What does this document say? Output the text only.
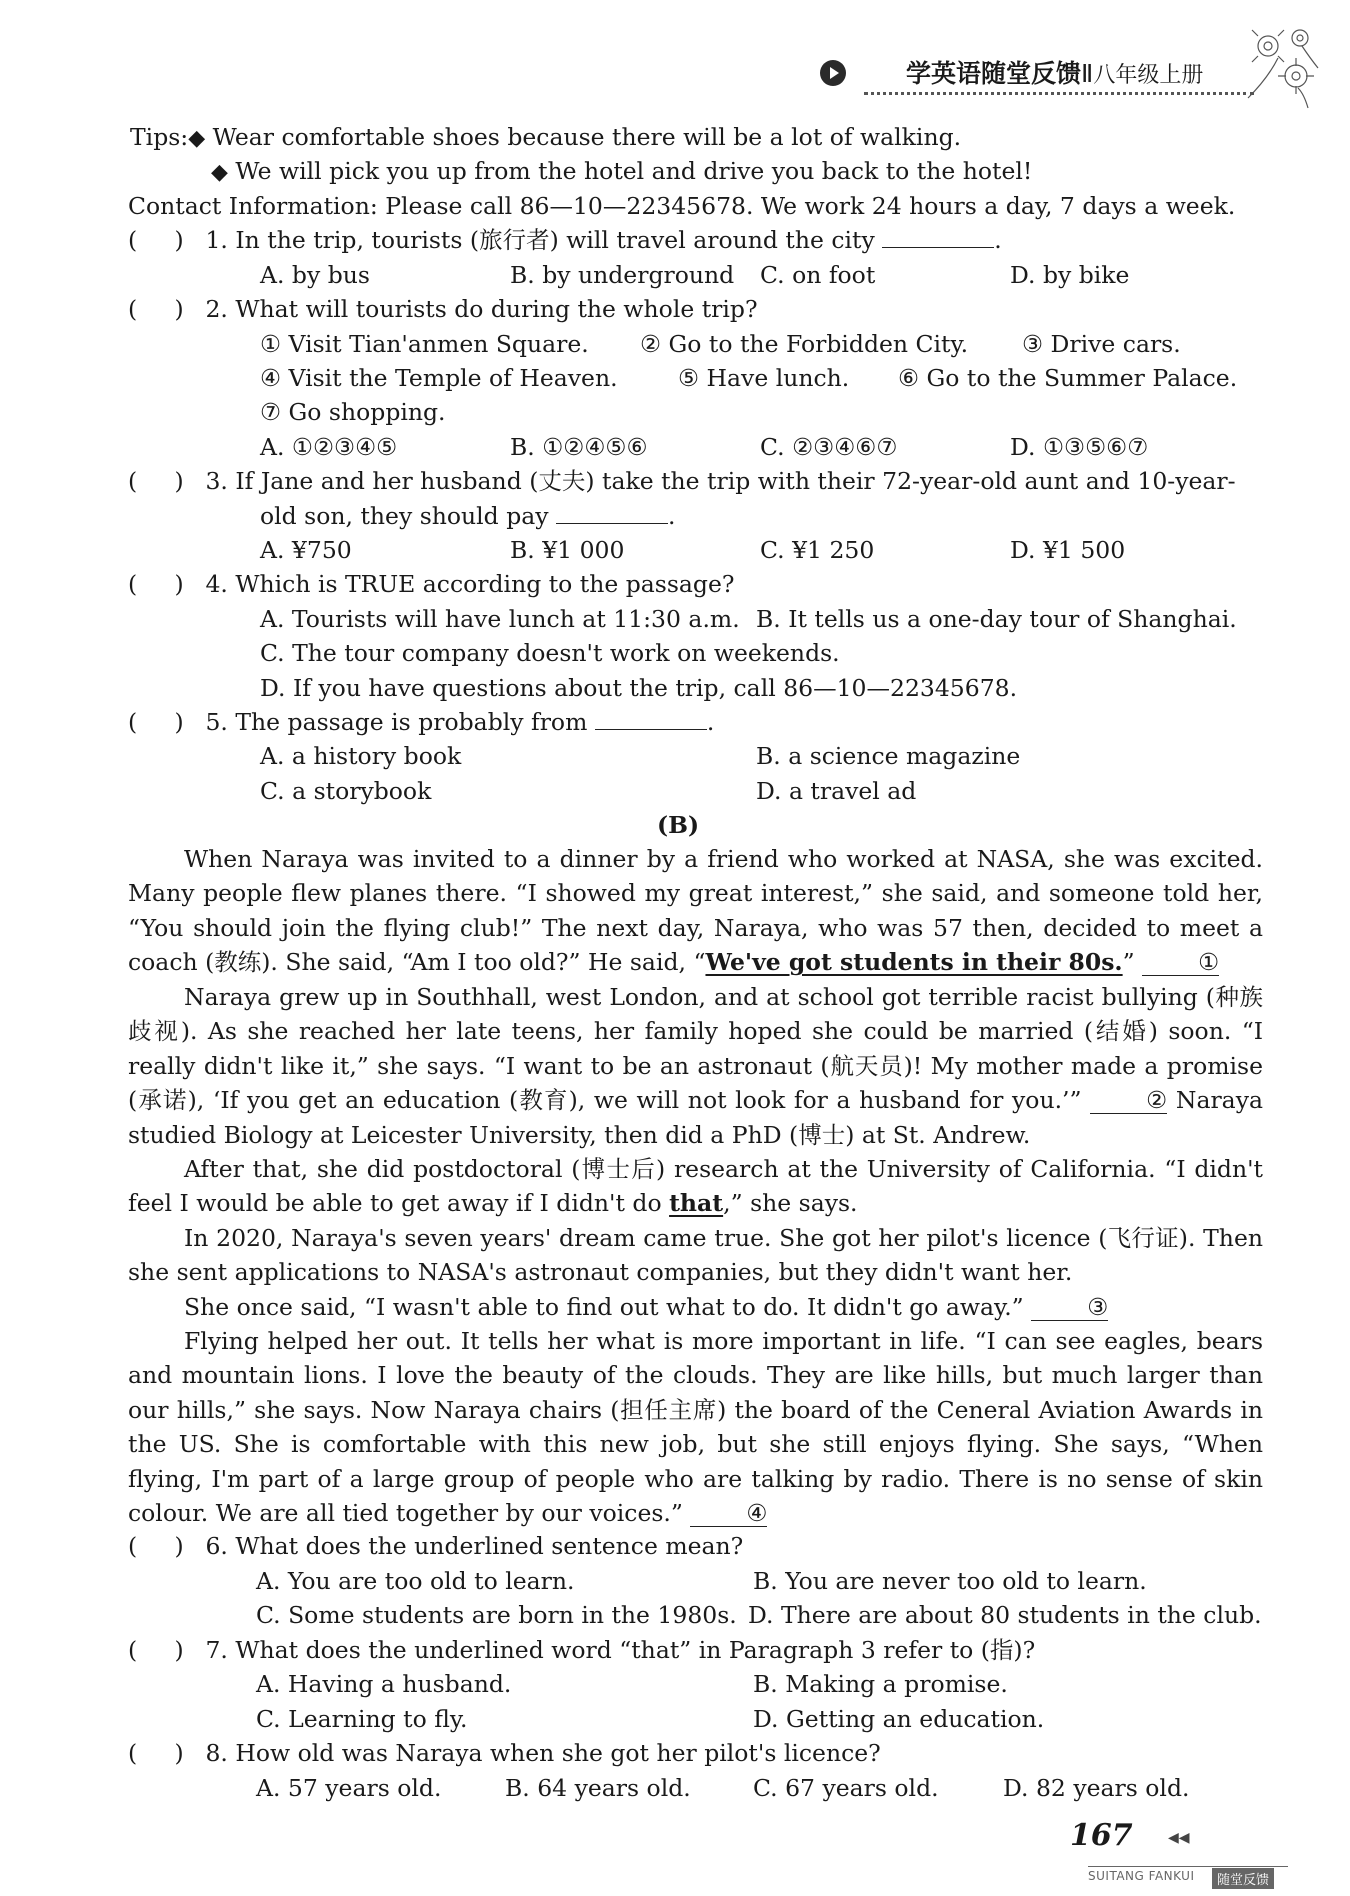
学英语随堂反馈Ⅱ八年级上册
Tips:◆ Wear comfortable shoes because there will be a lot of walking.
◆ We will pick you up from the hotel and drive you back to the hotel!
Contact Information: Please call 86—10—22345678. We work 24 hours a day, 7 days a week.
( ) 1. In the trip, tourists (旅行者) will travel around the city	.
A. by bus	B. by underground C. on foot	D. by bike
( ) 2. What will tourists do during the whole trip?
① Visit Tian'anmen Square. ② Go to the Forbidden City. ③ Drive cars.
④ Visit the Temple of Heaven.	⑤ Have lunch. ⑥ Go to the Summer Palace.
⑦ Go shopping.
A. ①②③④⑤	B. ①②④⑤⑥	C. ②③④⑥⑦	D. ①③⑤⑥⑦
( ) 3. If Jane and her husband (丈夫) take the trip with their 72-year-old aunt and 10-year-
old son, they should pay	.
A. ¥750	B. ¥1 000	C. ¥1 250	D. ¥1 500
( ) 4. Which is TRUE according to the passage?
A. Tourists will have lunch at 11:30 a.m. B. It tells us a one-day tour of Shanghai.
C. The tour company doesn't work on weekends.
D. If you have questions about the trip, call 86—10—22345678.
( ) 5. The passage is probably from	.
A. a history book	B. a science magazine
C. a storybook	D. a travel ad
(B)
When Naraya was invited to a dinner by a friend who worked at NASA, she was excited. Many people flew planes there. “I showed my great interest,” she said, and someone told her, “You should join the flying club!” The next day, Naraya, who was 57 then, decided to meet a coach (教练). She said, “Am I too old?” He said, “We've got students in their 80s.”	①
Naraya grew up in Southhall, west London, and at school got terrible racist bullying (种族歧视). As she reached her late teens, her family hoped she could be married (结婚) soon. “I really didn't like it,” she says. “I want to be an astronaut (航天员)! My mother made a promise (承诺), ‘If you get an education (教育), we will not look for a husband for you.’”	② Naraya studied Biology at Leicester University, then did a PhD (博士) at St. Andrew.
After that, she did postdoctoral (博士后) research at the University of California. “I didn't feel I would be able to get away if I didn't do that,” she says.
In 2020, Naraya's seven years' dream came true. She got her pilot's licence (飞行证). Then she sent applications to NASA's astronaut companies, but they didn't want her.
She once said, “I wasn't able to find out what to do. It didn't go away.”	③
Flying helped her out. It tells her what is more important in life. “I can see eagles, bears and mountain lions. I love the beauty of the clouds. They are like hills, but much larger than our hills,” she says. Now Naraya chairs (担任主席) the board of the Ceneral Aviation Awards in the US. She is comfortable with this new job, but she still enjoys flying. She says, “When flying, I'm part of a large group of people who are talking by radio. There is no sense of skin colour. We are all tied together by our voices.”	④
( ) 6. What does the underlined sentence mean?
A. You are too old to learn.	B. You are never too old to learn.
C. Some students are born in the 1980s. D. There are about 80 students in the club.
( ) 7. What does the underlined word “that” in Paragraph 3 refer to (指)?
A. Having a husband.	B. Making a promise.
C. Learning to fly.	D. Getting an education.
( ) 8. How old was Naraya when she got her pilot's licence?
A. 57 years old.	B. 64 years old.	C. 67 years old.	D. 82 years old.
167	◀◀
SUITANG FANKUI	随堂反馈
